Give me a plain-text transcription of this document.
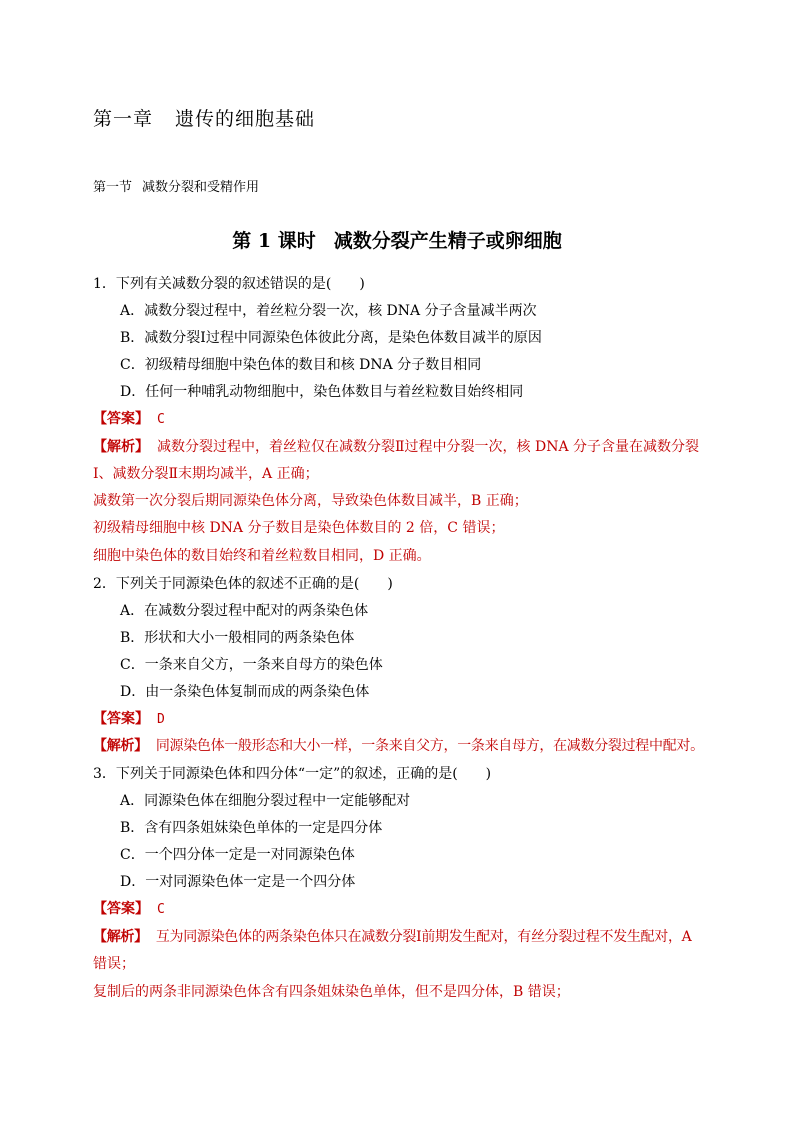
第一章 遗传的细胞基础
第一节 减数分裂和受精作用
第 1 课时 减数分裂产生精子或卵细胞
1．下列有关减数分裂的叙述错误的是(　　)
A．减数分裂过程中，着丝粒分裂一次，核 DNA 分子含量减半两次
B．减数分裂Ⅰ过程中同源染色体彼此分离，是染色体数目减半的原因
C．初级精母细胞中染色体的数目和核 DNA 分子数目相同
D．任何一种哺乳动物细胞中，染色体数目与着丝粒数目始终相同
【答案】 C
【解析】 减数分裂过程中，着丝粒仅在减数分裂Ⅱ过程中分裂一次，核 DNA 分子含量在减数分裂
Ⅰ、减数分裂Ⅱ末期均减半，A 正确；
减数第一次分裂后期同源染色体分离，导致染色体数目减半，B 正确；
初级精母细胞中核 DNA 分子数目是染色体数目的 2 倍，C 错误；
细胞中染色体的数目始终和着丝粒数目相同，D 正确。
2．下列关于同源染色体的叙述不正确的是(　　)
A．在减数分裂过程中配对的两条染色体
B．形状和大小一般相同的两条染色体
C．一条来自父方，一条来自母方的染色体
D．由一条染色体复制而成的两条染色体
【答案】 D
【解析】 同源染色体一般形态和大小一样，一条来自父方，一条来自母方，在减数分裂过程中配对。
3．下列关于同源染色体和四分体“一定”的叙述，正确的是(　　)
A．同源染色体在细胞分裂过程中一定能够配对
B．含有四条姐妹染色单体的一定是四分体
C．一个四分体一定是一对同源染色体
D．一对同源染色体一定是一个四分体
【答案】 C
【解析】 互为同源染色体的两条染色体只在减数分裂Ⅰ前期发生配对，有丝分裂过程不发生配对，A
错误；
复制后的两条非同源染色体含有四条姐妹染色单体，但不是四分体，B 错误；
